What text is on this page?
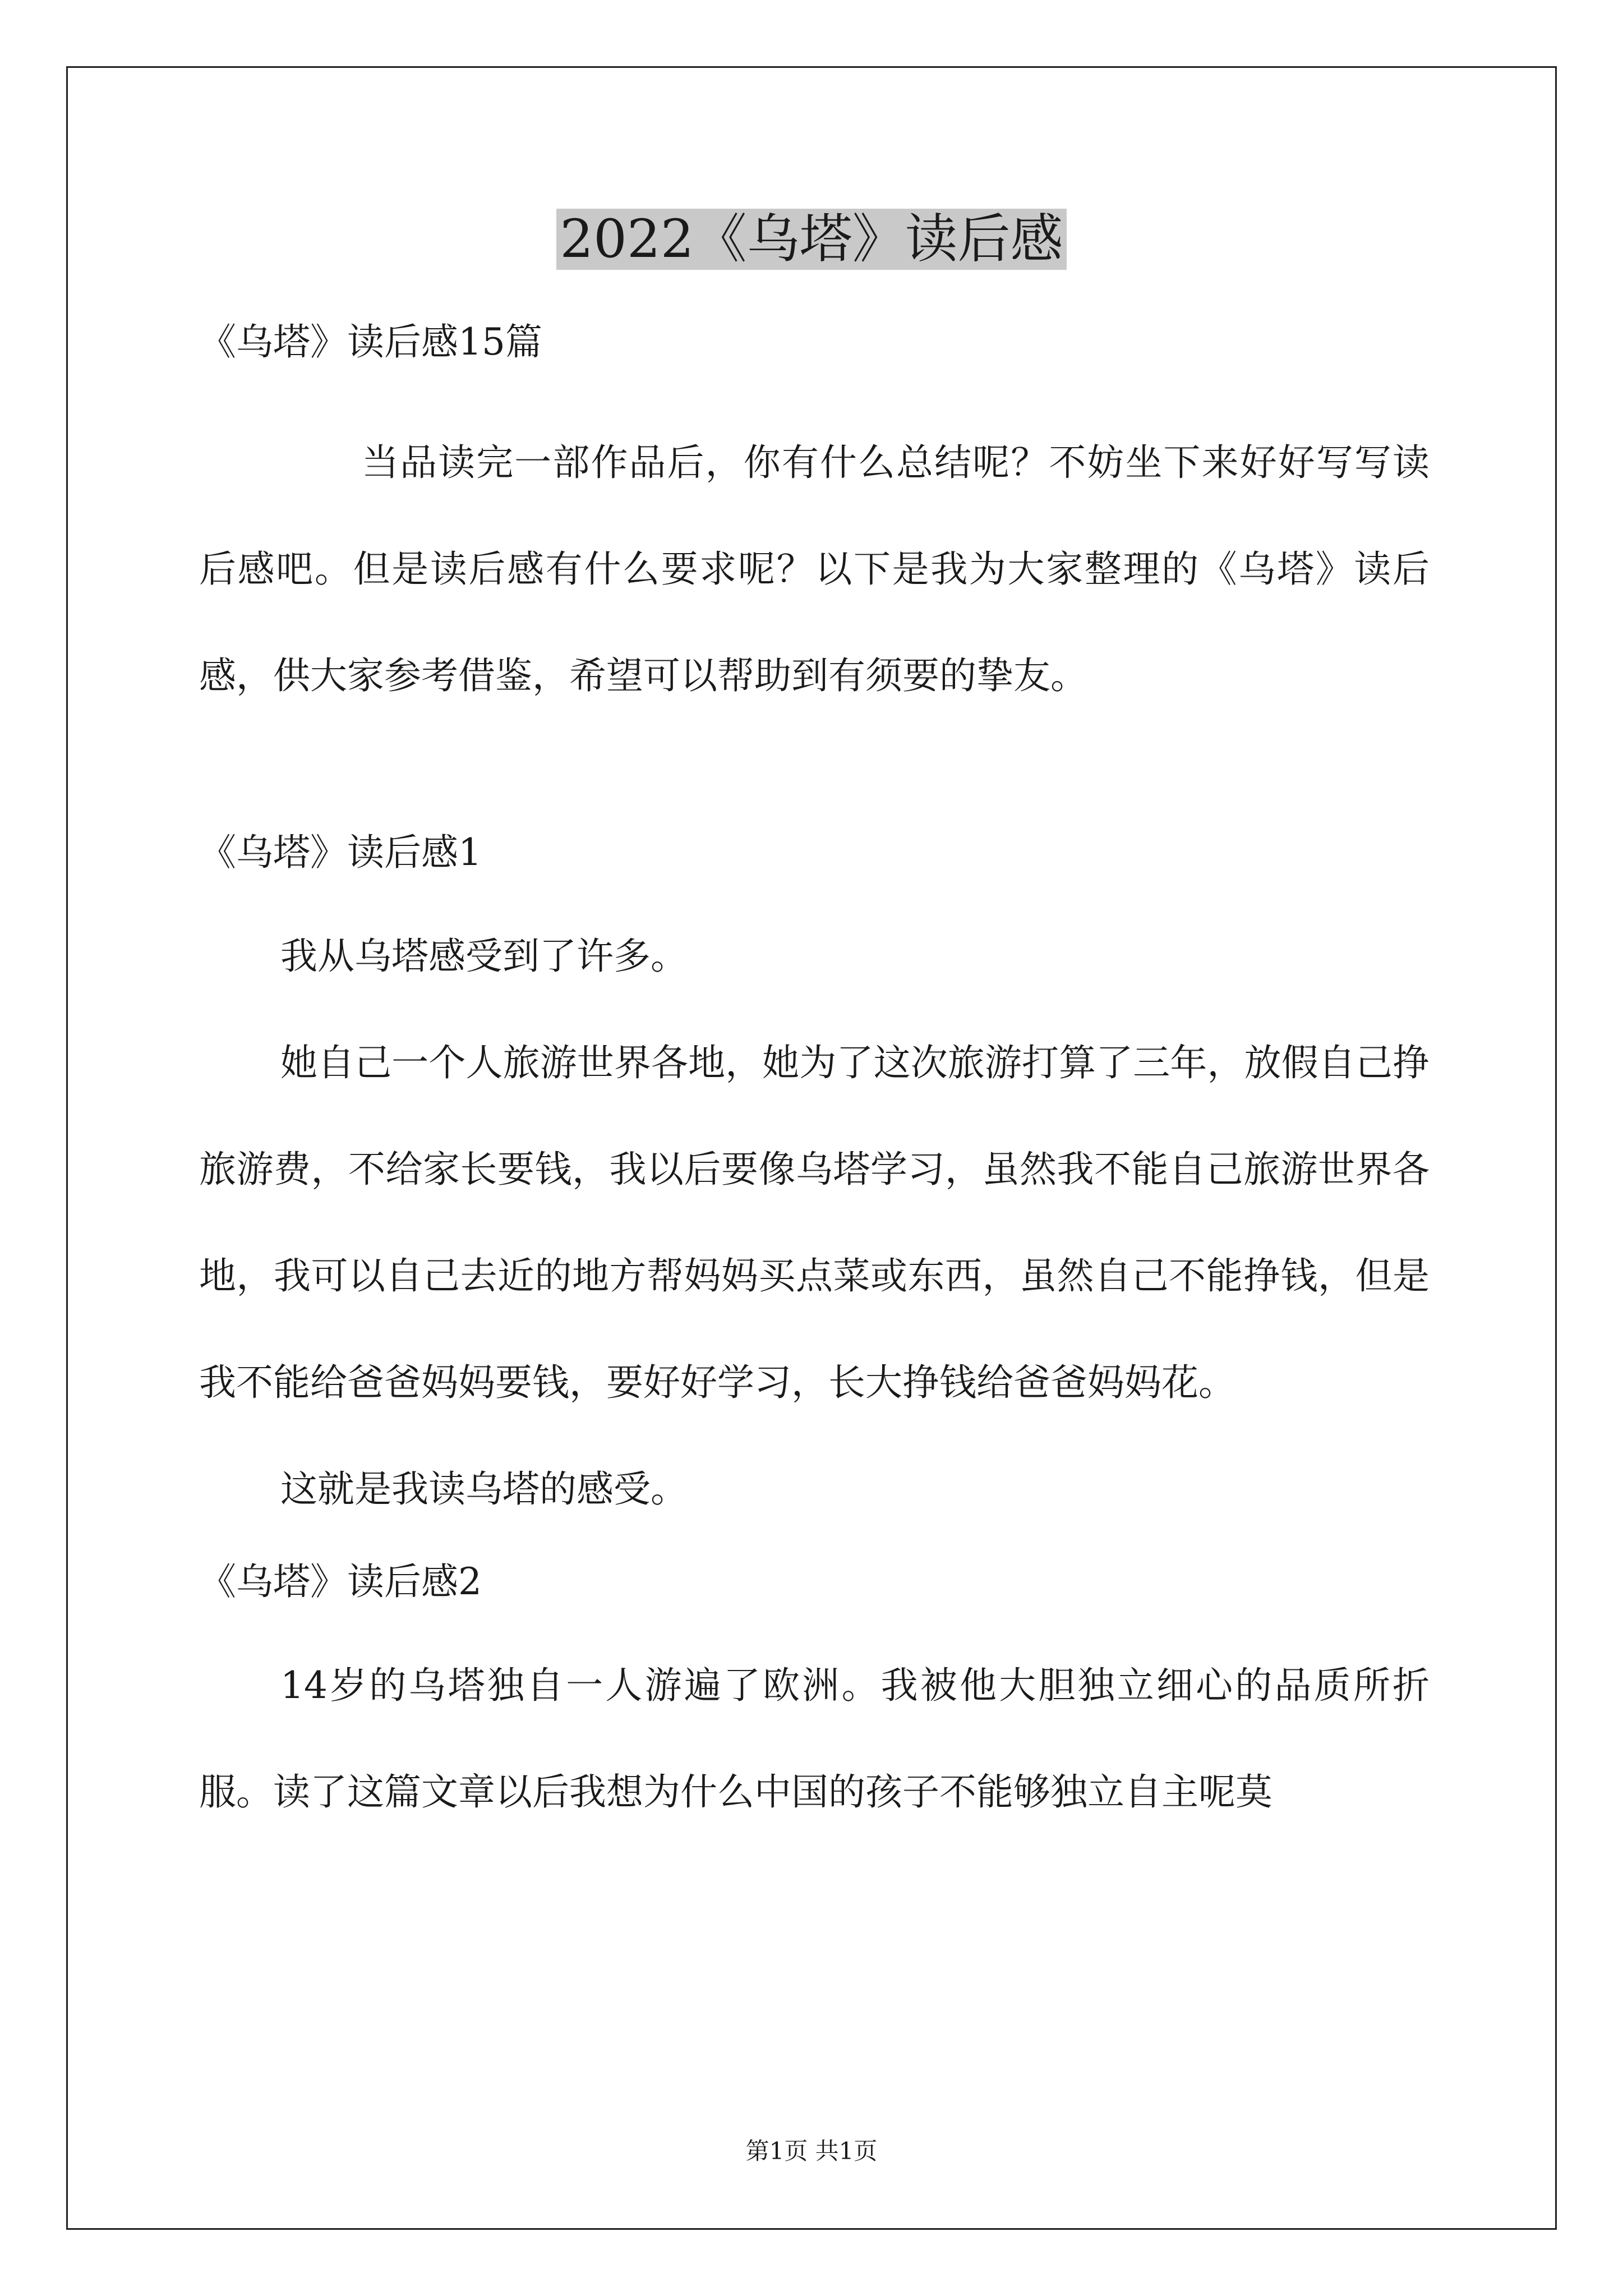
2022《乌塔》读后感
《乌塔》读后感15篇

当品读完一部作品后，你有什么总结呢？不妨坐下来好好写写读后感吧。但是读后感有什么要求呢？以下是我为大家整理的《乌塔》读后感，供大家参考借鉴，希望可以帮助到有须要的挚友。

《乌塔》读后感1

我从乌塔感受到了许多。

她自己一个人旅游世界各地，她为了这次旅游打算了三年，放假自己挣旅游费，不给家长要钱，我以后要像乌塔学习，虽然我不能自己旅游世界各地，我可以自己去近的地方帮妈妈买点菜或东西，虽然自己不能挣钱，但是我不能给爸爸妈妈要钱，要好好学习，长大挣钱给爸爸妈妈花。

这就是我读乌塔的感受。

《乌塔》读后感2

14岁的乌塔独自一人游遍了欧洲。我被他大胆独立细心的品质所折服。读了这篇文章以后我想为什么中国的孩子不能够独立自主呢莫

第1页 共1页
